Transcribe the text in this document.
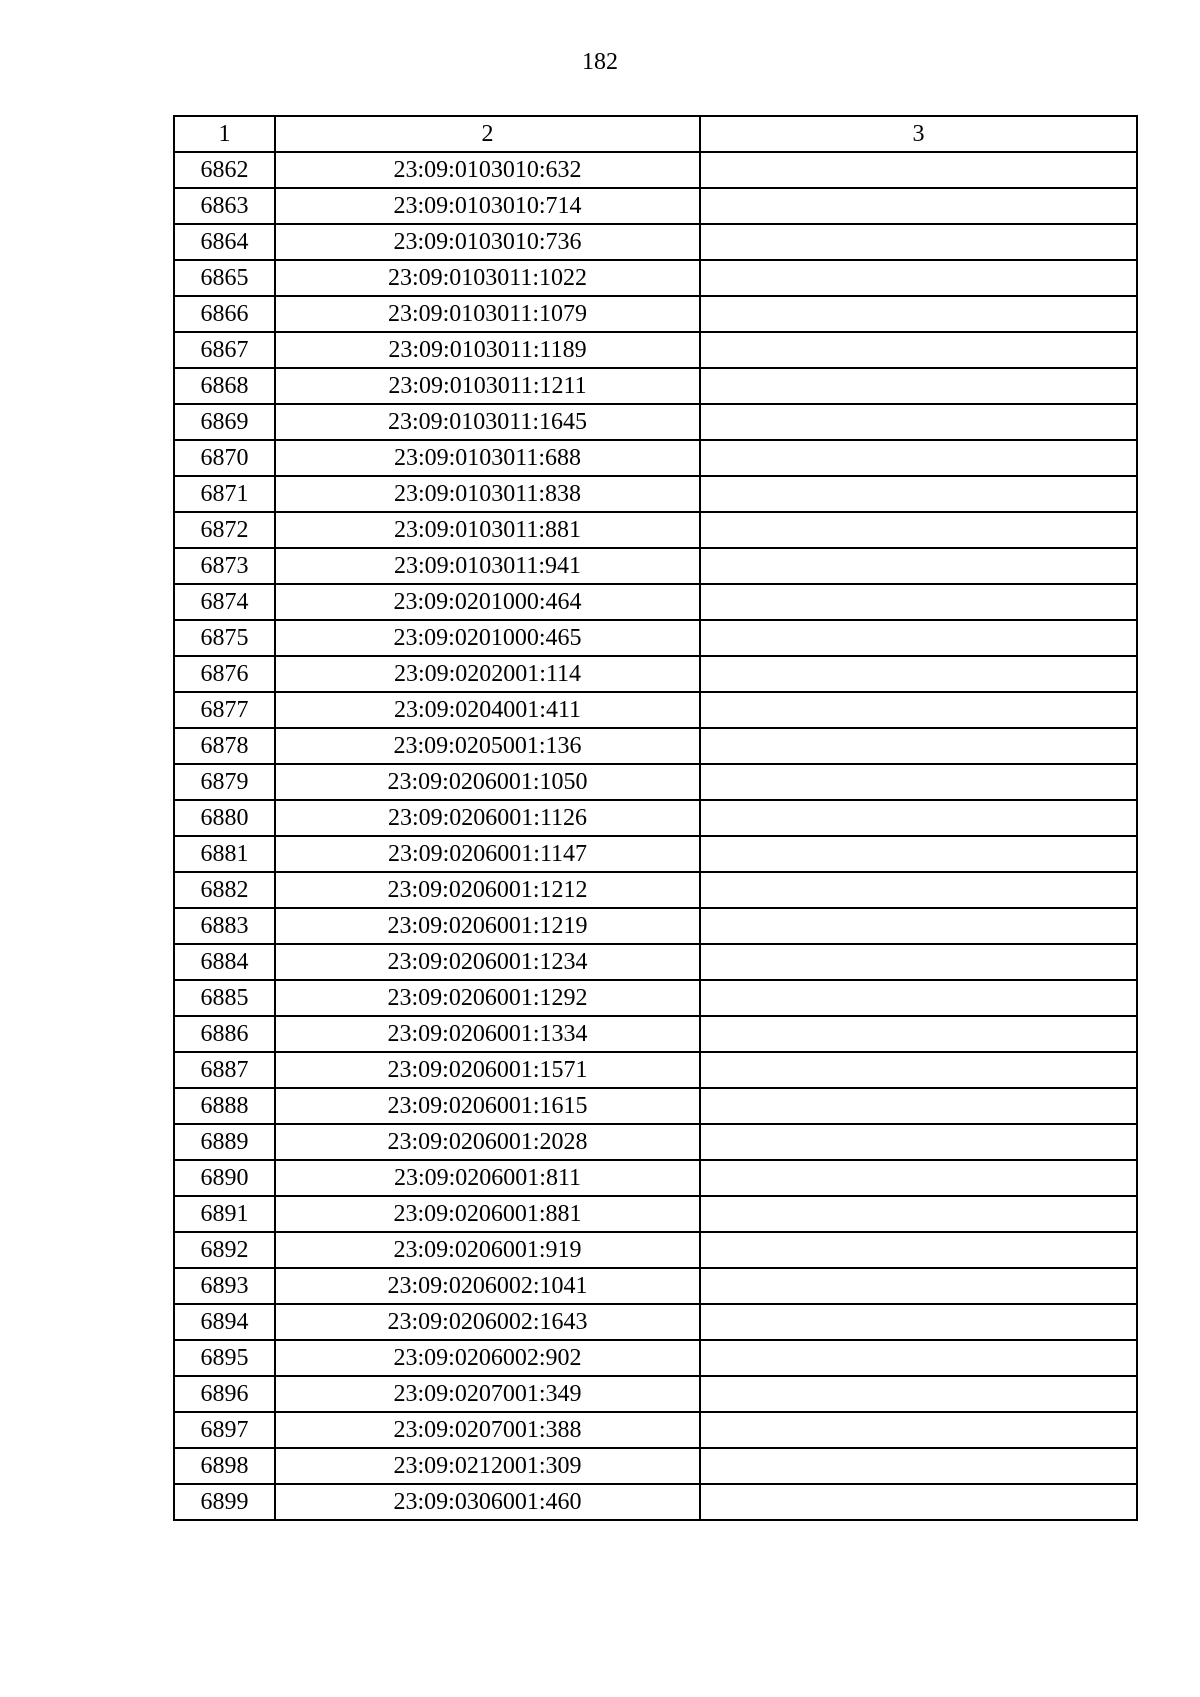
182
1	2	3
6862	23:09:0103010:632	
6863	23:09:0103010:714	
6864	23:09:0103010:736	
6865	23:09:0103011:1022	
6866	23:09:0103011:1079	
6867	23:09:0103011:1189	
6868	23:09:0103011:1211	
6869	23:09:0103011:1645	
6870	23:09:0103011:688	
6871	23:09:0103011:838	
6872	23:09:0103011:881	
6873	23:09:0103011:941	
6874	23:09:0201000:464	
6875	23:09:0201000:465	
6876	23:09:0202001:114	
6877	23:09:0204001:411	
6878	23:09:0205001:136	
6879	23:09:0206001:1050	
6880	23:09:0206001:1126	
6881	23:09:0206001:1147	
6882	23:09:0206001:1212	
6883	23:09:0206001:1219	
6884	23:09:0206001:1234	
6885	23:09:0206001:1292	
6886	23:09:0206001:1334	
6887	23:09:0206001:1571	
6888	23:09:0206001:1615	
6889	23:09:0206001:2028	
6890	23:09:0206001:811	
6891	23:09:0206001:881	
6892	23:09:0206001:919	
6893	23:09:0206002:1041	
6894	23:09:0206002:1643	
6895	23:09:0206002:902	
6896	23:09:0207001:349	
6897	23:09:0207001:388	
6898	23:09:0212001:309	
6899	23:09:0306001:460	
